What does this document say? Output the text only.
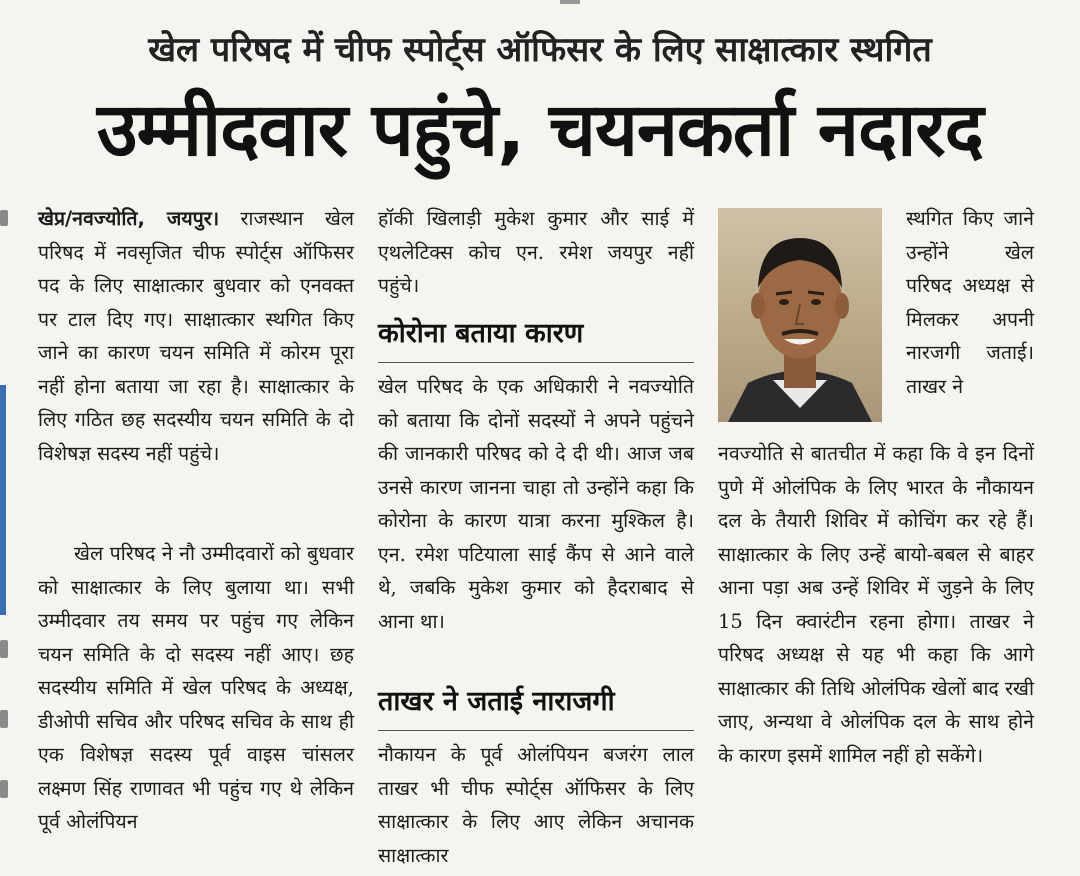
खेल परिषद में चीफ स्पोर्ट्स ऑफिसर के लिए साक्षात्कार स्थगित
उम्मीदवार पहुंचे, चयनकर्ता नदारद

खेप्र/नवज्योति, जयपुर। राजस्थान खेल परिषद में नवसृजित चीफ स्पोर्ट्स ऑफिसर पद के लिए साक्षात्कार बुधवार को एनवक्त पर टाल दिए गए। साक्षात्कार स्थगित किए जाने का कारण चयन समिति में कोरम पूरा नहीं होना बताया जा रहा है। साक्षात्कार के लिए गठित छह सदस्यीय चयन समिति के दो विशेषज्ञ सदस्य नहीं पहुंचे।

खेल परिषद ने नौ उम्मीदवारों को बुधवार को साक्षात्कार के लिए बुलाया था। सभी उम्मीदवार तय समय पर पहुंच गए लेकिन चयन समिति के दो सदस्य नहीं आए। छह सदस्यीय समिति में खेल परिषद के अध्यक्ष, डीओपी सचिव और परिषद सचिव के साथ ही एक विशेषज्ञ सदस्य पूर्व वाइस चांसलर लक्ष्मण सिंह राणावत भी पहुंच गए थे लेकिन पूर्व ओलंपियन

हॉकी खिलाड़ी मुकेश कुमार और साई में एथलेटिक्स कोच एन. रमेश जयपुर नहीं पहुंचे।

कोरोना बताया कारण

खेल परिषद के एक अधिकारी ने नवज्योति को बताया कि दोनों सदस्यों ने अपने पहुंचने की जानकारी परिषद को दे दी थी। आज जब उनसे कारण जानना चाहा तो उन्होंने कहा कि कोरोना के कारण यात्रा करना मुश्किल है। एन. रमेश पटियाला साई कैंप से आने वाले थे, जबकि मुकेश कुमार को हैदराबाद से आना था।

ताखर ने जताई नाराजगी

नौकायन के पूर्व ओलंपियन बजरंग लाल ताखर भी चीफ स्पोर्ट्स ऑफिसर के लिए साक्षात्कार के लिए आए लेकिन अचानक साक्षात्कार

स्थगित किए जाने उन्होंने खेल परिषद अध्यक्ष से मिलकर अपनी नारजगी जताई। ताखर ने

नवज्योति से बातचीत में कहा कि वे इन दिनों पुणे में ओलंपिक के लिए भारत के नौकायन दल के तैयारी शिविर में कोचिंग कर रहे हैं। साक्षात्कार के लिए उन्हें बायो-बबल से बाहर आना पड़ा अब उन्हें शिविर में जुड़ने के लिए 15 दिन क्वारंटीन रहना होगा। ताखर ने परिषद अध्यक्ष से यह भी कहा कि आगे साक्षात्कार की तिथि ओलंपिक खेलों बाद रखी जाए, अन्यथा वे ओलंपिक दल के साथ होने के कारण इसमें शामिल नहीं हो सकेंगे।
